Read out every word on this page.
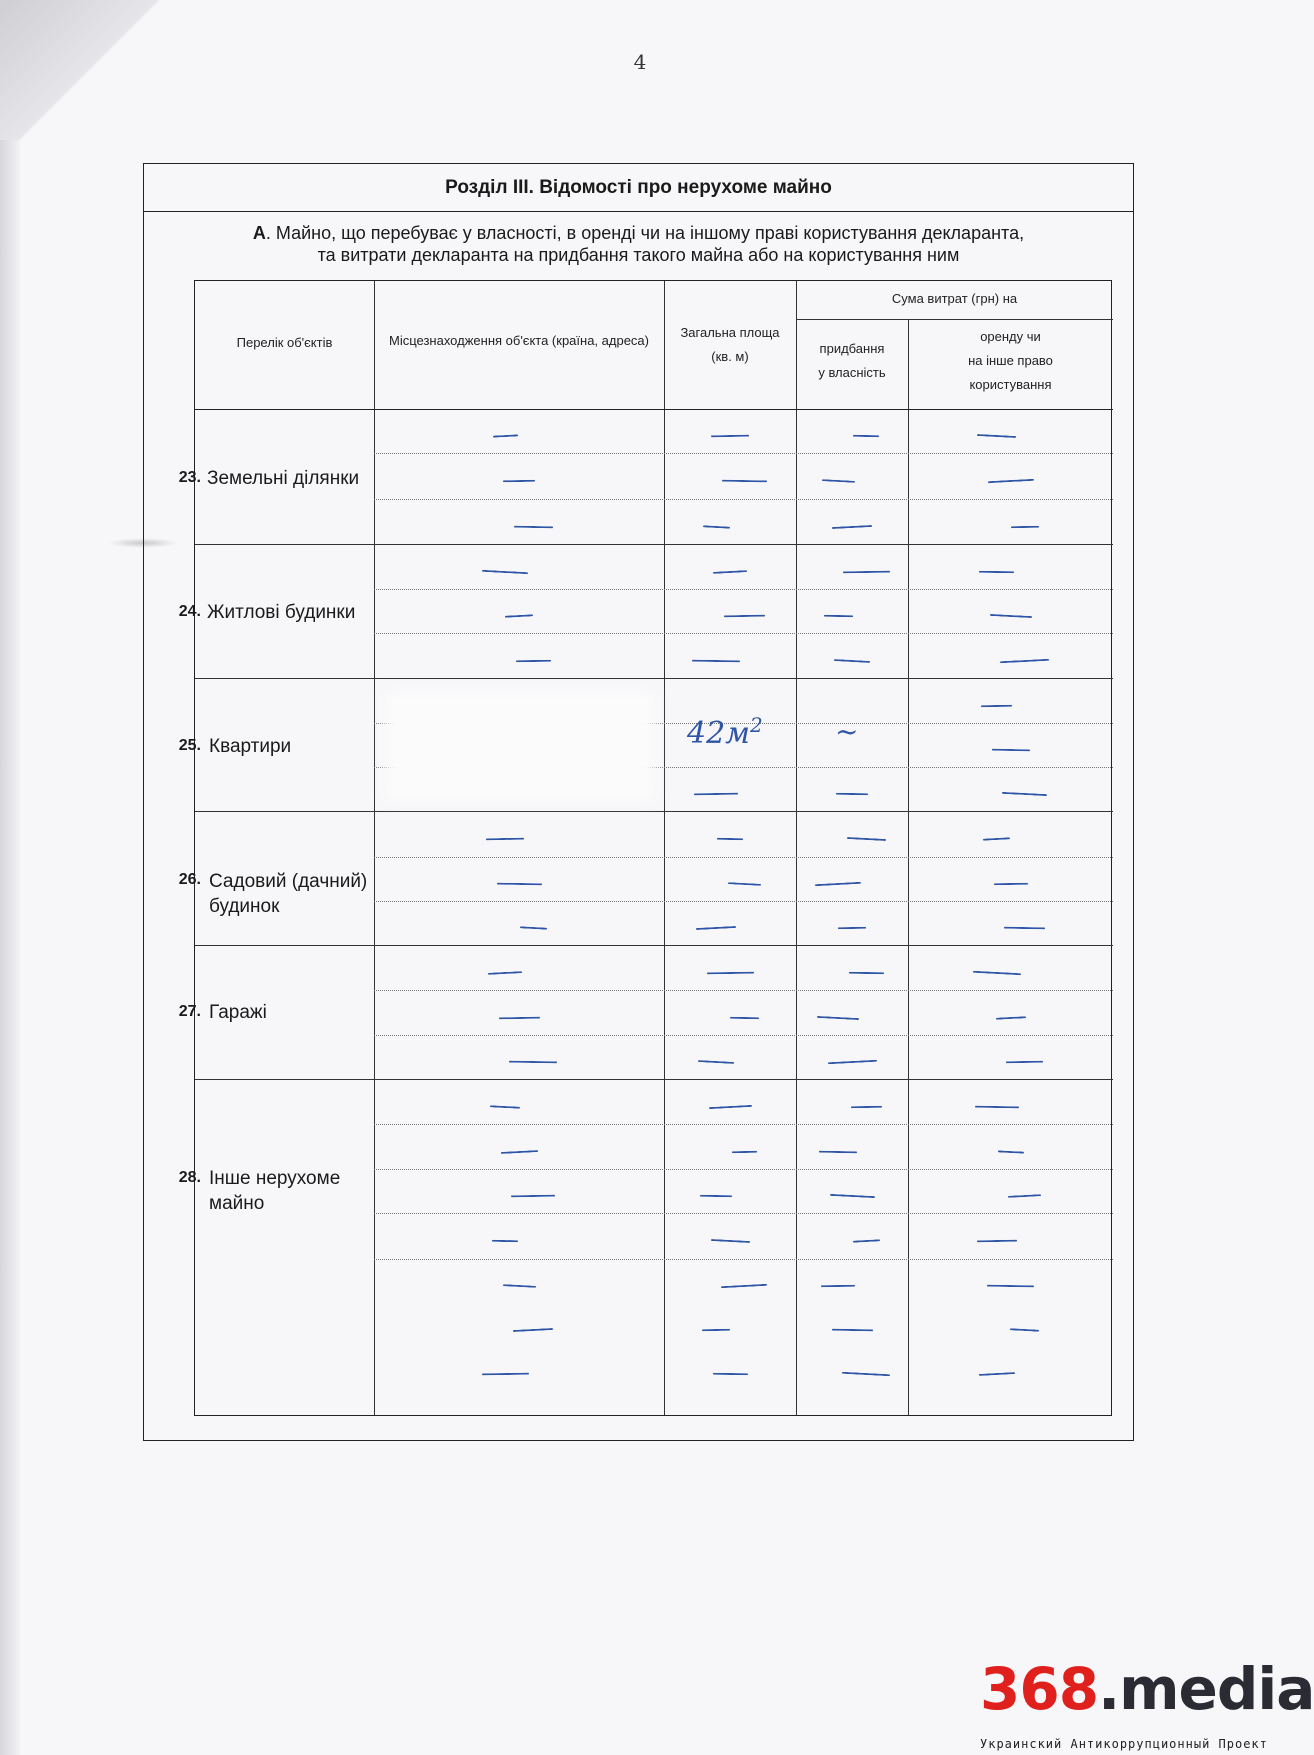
4
Розділ ІІІ. Відомості про нерухоме майно
А. Майно, що перебуває у власності, в оренді чи на іншому праві користування декларанта,
та витрати декларанта на придбання такого майна або на користування ним
Перелік об'єктів	Місцезнаходження об'єкта (країна, адреса)
Загальна площа
(кв. м)
Сума витрат (грн) на
придбання
у власність
оренду чи
на інше право
користування
23. Земельні ділянки
24. Житлові будинки
25. Квартири
26. Садовий (дачний) будинок
27. Гаражі
28. Інше нерухоме майно
$42м^2$	~
368.media
Украинский Антикоррупционный Проект
